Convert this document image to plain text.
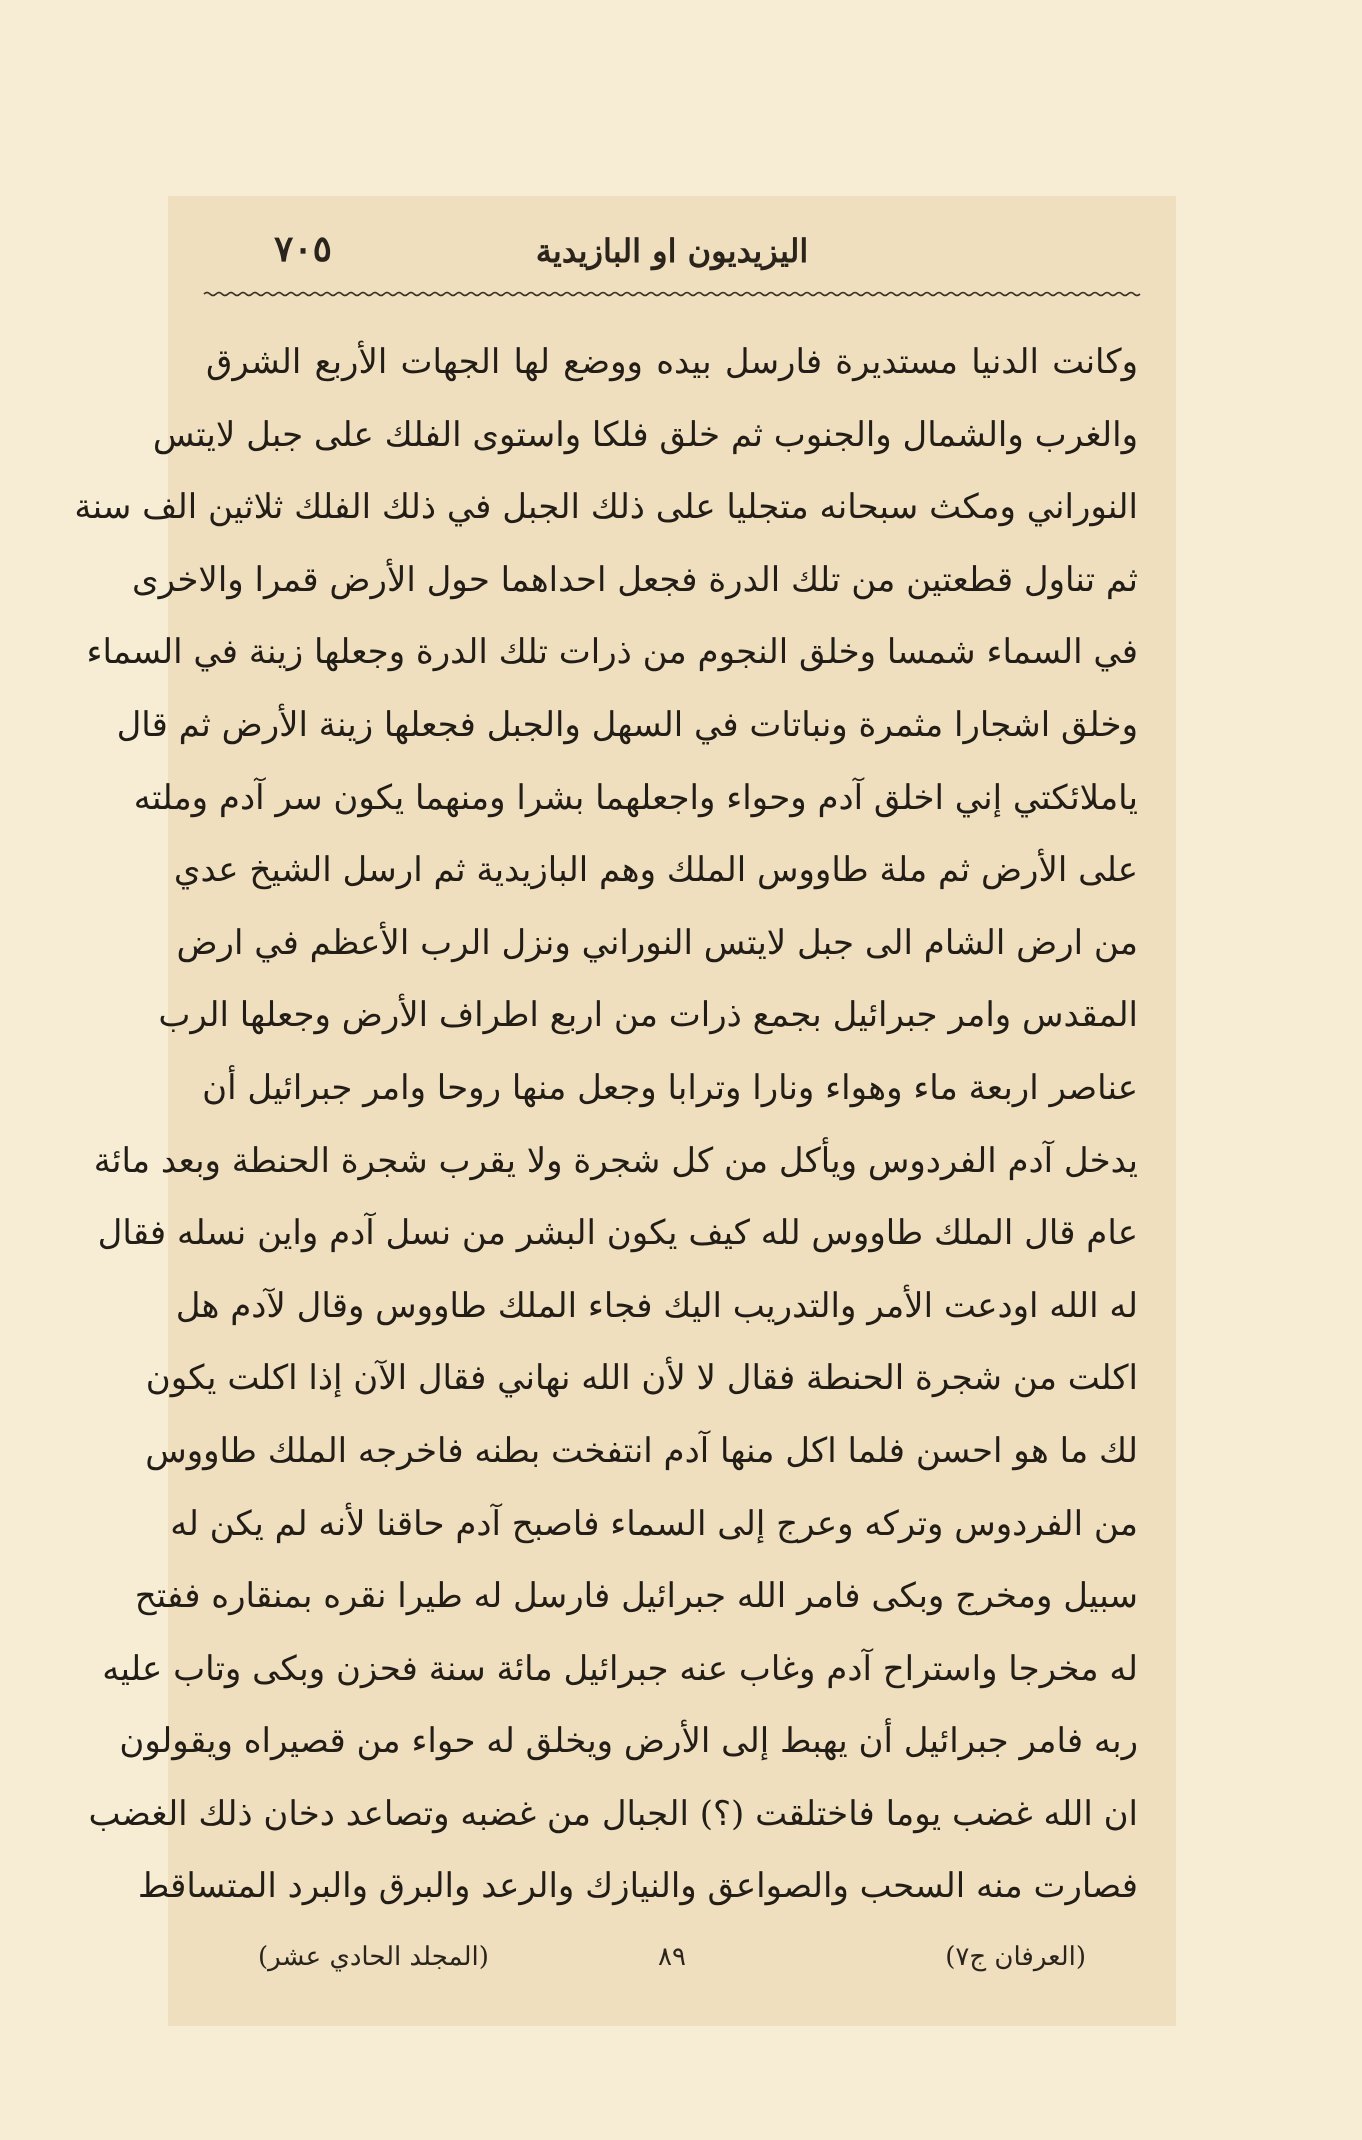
٧٠٥	اليزيديون او البازيدية
وكانت الدنيا مستديرة فارسل بيده ووضع لها الجهات الأربع الشرق
والغرب والشمال والجنوب ثم خلق فلكا واستوى الفلك على جبل لايتس
النوراني ومكث سبحانه متجليا على ذلك الجبل في ذلك الفلك ثلاثين الف سنة
ثم تناول قطعتين من تلك الدرة فجعل احداهما حول الأرض قمرا والاخرى
في السماء شمسا وخلق النجوم من ذرات تلك الدرة وجعلها زينة في السماء
وخلق اشجارا مثمرة ونباتات في السهل والجبل فجعلها زينة الأرض ثم قال
ياملائكتي إني اخلق آدم وحواء واجعلهما بشرا ومنهما يكون سر آدم وملته
على الأرض ثم ملة طاووس الملك وهم البازيدية ثم ارسل الشيخ عدي
من ارض الشام الى جبل لايتس النوراني ونزل الرب الأعظم في ارض
المقدس وامر جبرائيل بجمع ذرات من اربع اطراف الأرض وجعلها الرب
عناصر اربعة ماء وهواء ونارا وترابا وجعل منها روحا وامر جبرائيل أن
يدخل آدم الفردوس ويأكل من كل شجرة ولا يقرب شجرة الحنطة وبعد مائة
عام قال الملك طاووس لله كيف يكون البشر من نسل آدم واين نسله فقال
له الله اودعت الأمر والتدريب اليك فجاء الملك طاووس وقال لآدم هل
اكلت من شجرة الحنطة فقال لا لأن الله نهاني فقال الآن إذا اكلت يكون
لك ما هو احسن فلما اكل منها آدم انتفخت بطنه فاخرجه الملك طاووس
من الفردوس وتركه وعرج إلى السماء فاصبح آدم حاقنا لأنه لم يكن له
سبيل ومخرج وبكى فامر الله جبرائيل فارسل له طيرا نقره بمنقاره ففتح
له مخرجا واستراح آدم وغاب عنه جبرائيل مائة سنة فحزن وبكى وتاب عليه
ربه فامر جبرائيل أن يهبط إلى الأرض ويخلق له حواء من قصيراه ويقولون
ان الله غضب يوما فاختلقت (؟) الجبال من غضبه وتصاعد دخان ذلك الغضب
فصارت منه السحب والصواعق والنيازك والرعد والبرق والبرد المتساقط
(العرفان ج٧)
٨٩
(المجلد الحادي عشر)
